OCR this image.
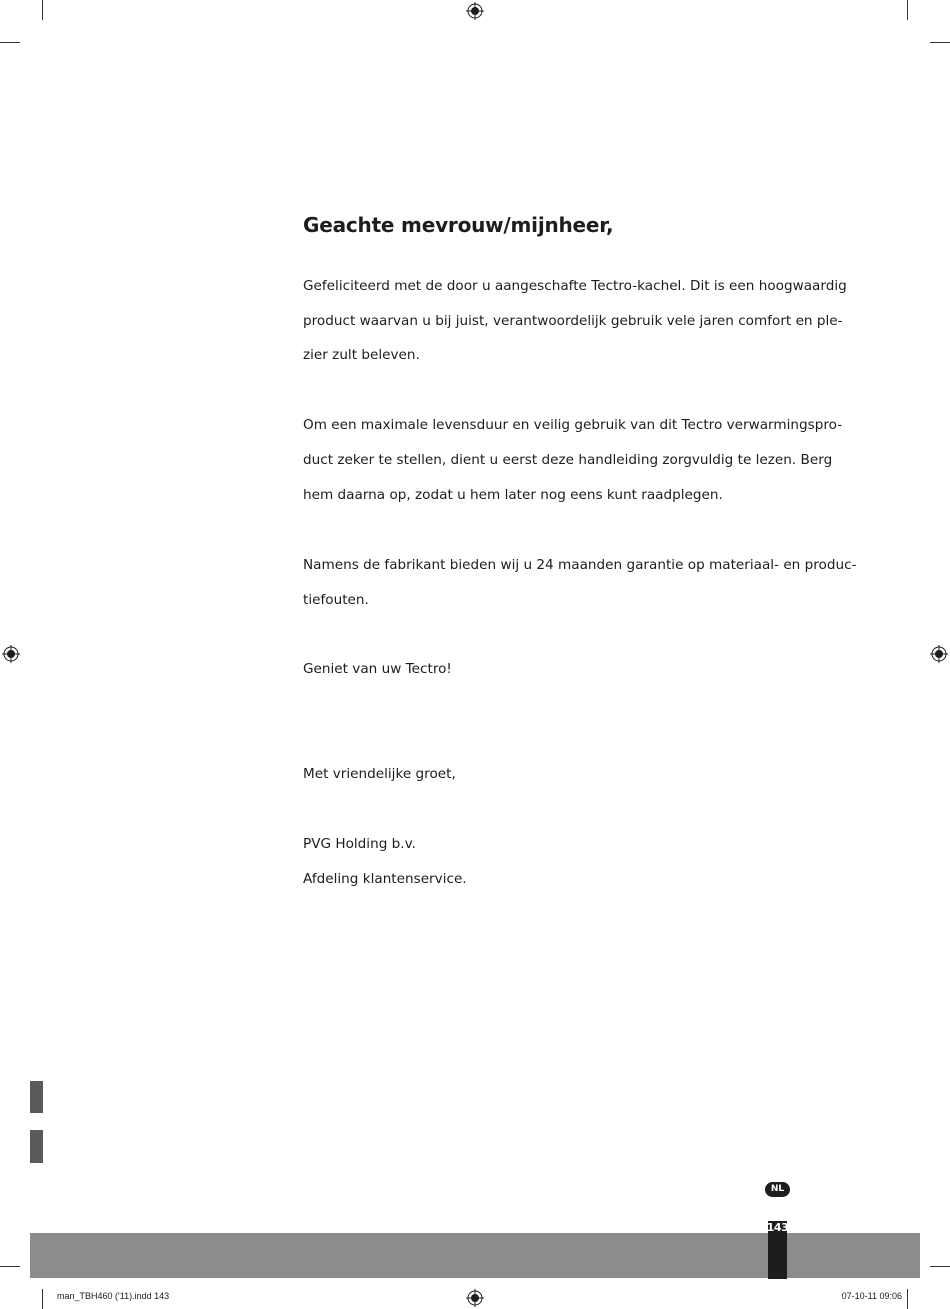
Geachte mevrouw/mijnheer,
Gefeliciteerd met de door u aangeschafte Tectro-kachel. Dit is een hoogwaardig
product waarvan u bij juist, verantwoordelijk gebruik vele jaren comfort en ple-
zier zult beleven.
Om een maximale levensduur en veilig gebruik van dit Tectro verwarmingspro-
duct zeker te stellen, dient u eerst deze handleiding zorgvuldig te lezen. Berg
hem daarna op, zodat u hem later nog eens kunt raadplegen.
Namens de fabrikant bieden wij u 24 maanden garantie op materiaal- en produc-
tiefouten.
Geniet van uw Tectro!
Met vriendelijke groet,
PVG Holding b.v.
Afdeling klantenservice.
NL
143
man_TBH460 ('11).indd 143	07-10-11 09:06
